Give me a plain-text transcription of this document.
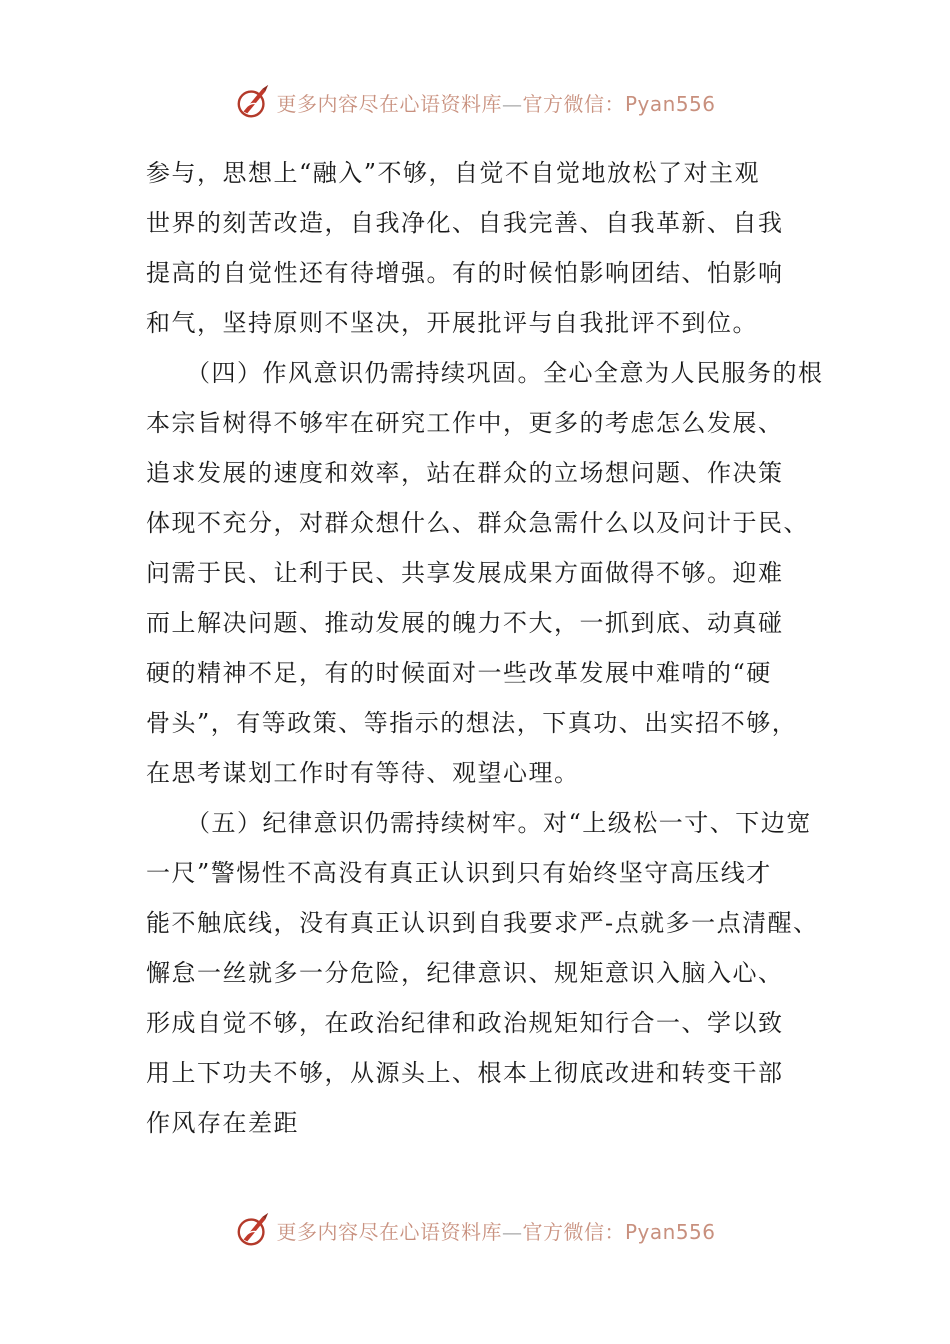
更多内容尽在心语资料库—官方微信：Pyan556
参与，思想上“融入”不够，自觉不自觉地放松了对主观
世界的刻苦改造，自我净化、自我完善、自我革新、自我
提高的自觉性还有待增强。有的时候怕影响团结、怕影响
和气，坚持原则不坚决，开展批评与自我批评不到位。
（四）作风意识仍需持续巩固。全心全意为人民服务的根
本宗旨树得不够牢在研究工作中，更多的考虑怎么发展、
追求发展的速度和效率，站在群众的立场想问题、作决策
体现不充分，对群众想什么、群众急需什么以及问计于民、
问需于民、让利于民、共享发展成果方面做得不够。迎难
而上解决问题、推动发展的魄力不大，一抓到底、动真碰
硬的精神不足，有的时候面对一些改革发展中难啃的“硬
骨头”，有等政策、等指示的想法，下真功、出实招不够，
在思考谋划工作时有等待、观望心理。
（五）纪律意识仍需持续树牢。对“上级松一寸、下边宽
一尺”警惕性不高没有真正认识到只有始终坚守高压线才
能不触底线，没有真正认识到自我要求严-点就多一点清醒、
懈怠一丝就多一分危险，纪律意识、规矩意识入脑入心、
形成自觉不够，在政治纪律和政治规矩知行合一、学以致
用上下功夫不够，从源头上、根本上彻底改进和转变干部
作风存在差距
更多内容尽在心语资料库—官方微信：Pyan556
